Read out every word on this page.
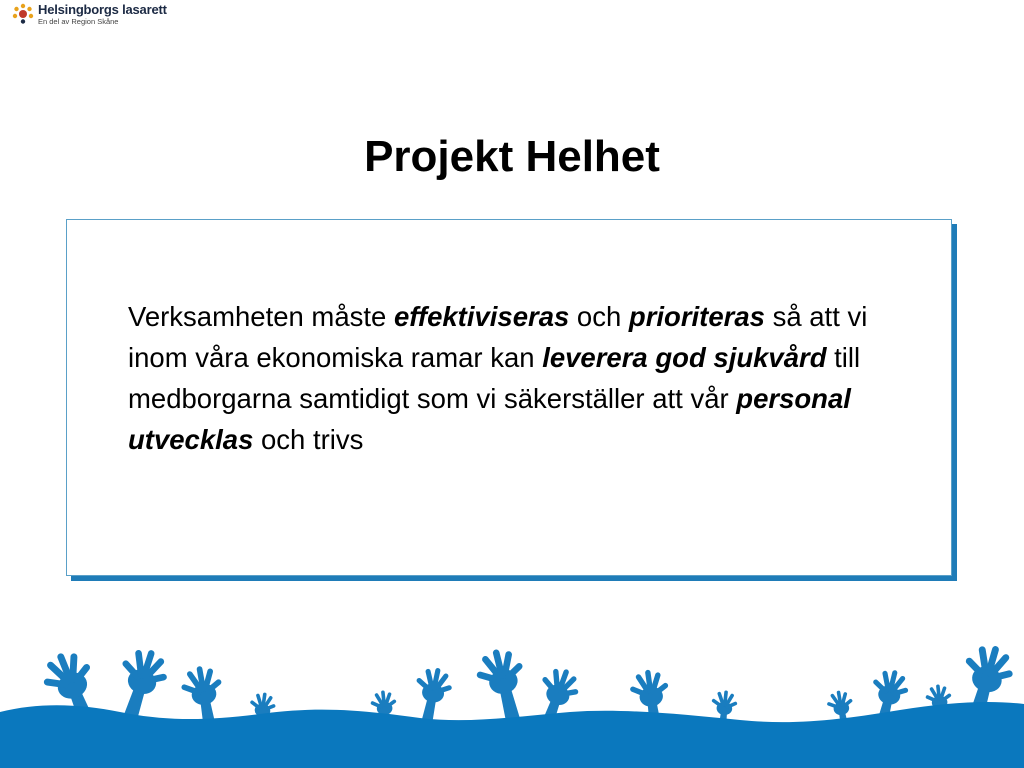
Helsingborgs lasarett
En del av Region Skåne
Projekt Helhet
Verksamheten måste effektiviseras och prioriteras så att vi inom våra ekonomiska ramar kan leverera god sjukvård till medborgarna samtidigt som vi säkerställer att vår personal utvecklas och trivs
